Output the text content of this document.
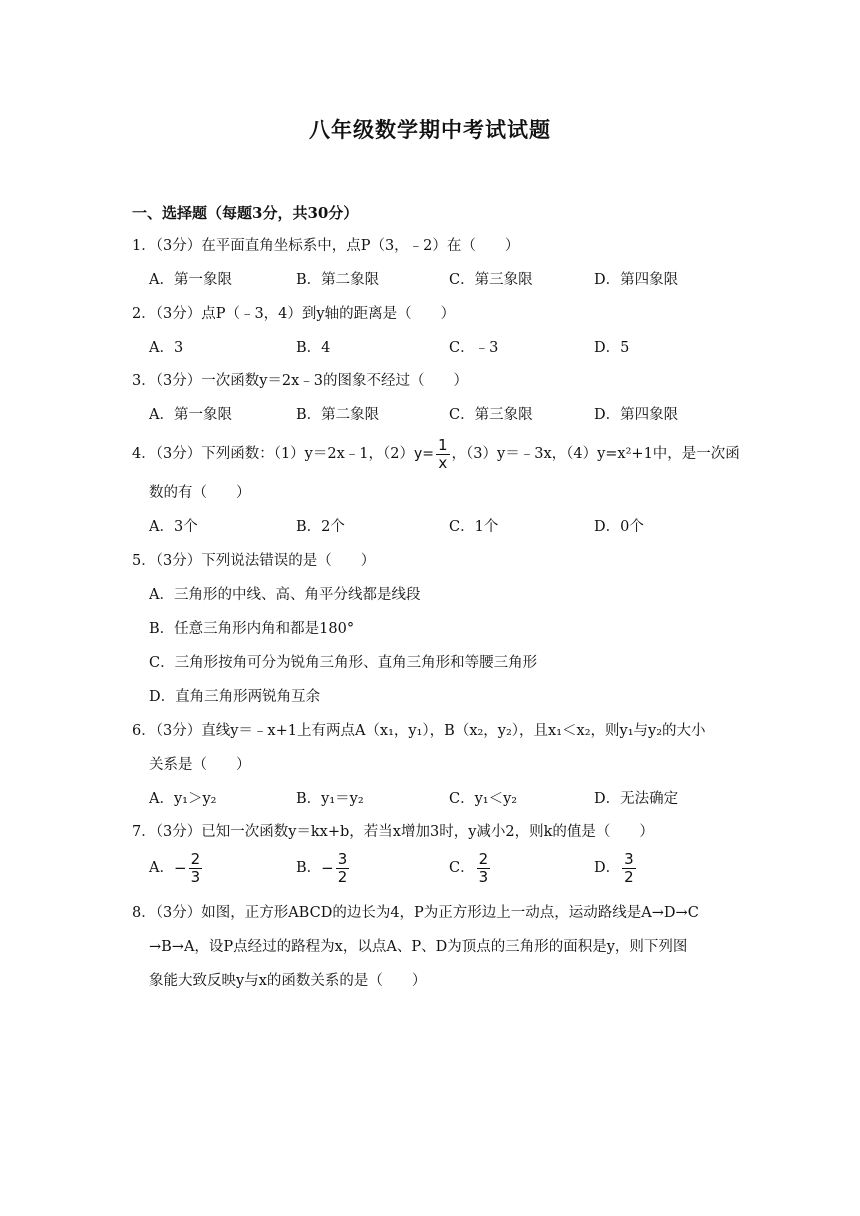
八年级数学期中考试试题
一、选择题（每题3分，共30分）
1．（3分）在平面直角坐标系中，点P（3，﹣2）在（　　）
A．第一象限	B．第二象限	C．第三象限	D．第四象限
2．（3分）点P（﹣3，4）到y轴的距离是（　　）
A．3	B．4	C．﹣3	D．5
3．（3分）一次函数y＝2x﹣3的图象不经过（　　）
A．第一象限	B．第二象限	C．第三象限	D．第四象限
4．（3分）下列函数：（1）y＝2x﹣1，$(2)y= \frac{1}{x}$ ，（3）y＝﹣3x，（4）y=x²+1中，是一次函
数的有（　　）
A．3个	B．2个	C．1个	D．0个
5．（3分）下列说法错误的是（　　）
A．三角形的中线、高、角平分线都是线段
B．任意三角形内角和都是180°
C．三角形按角可分为锐角三角形、直角三角形和等腰三角形
D．直角三角形两锐角互余
6．（3分）直线y＝﹣x+1上有两点A（x₁，y₁），B（x₂，y₂），且x₁＜x₂，则y₁与y₂的大小
关系是（　　）
A．y₁＞y₂	B．y₁＝y₂	C．y₁＜y₂	D．无法确定
7．（3分）已知一次函数y＝kx+b，若当x增加3时，y减小2，则k的值是（　　）
A．− $\frac{2}{3}$	B．− $\frac{3}{2}$	C． $\frac{2}{3}$	D． $\frac{3}{2}$
8．（3分）如图，正方形ABCD的边长为4，P为正方形边上一动点，运动路线是A→D→C
→B→A，设P点经过的路程为x，以点A、P、D为顶点的三角形的面积是y，则下列图
象能大致反映y与x的函数关系的是（　　）
